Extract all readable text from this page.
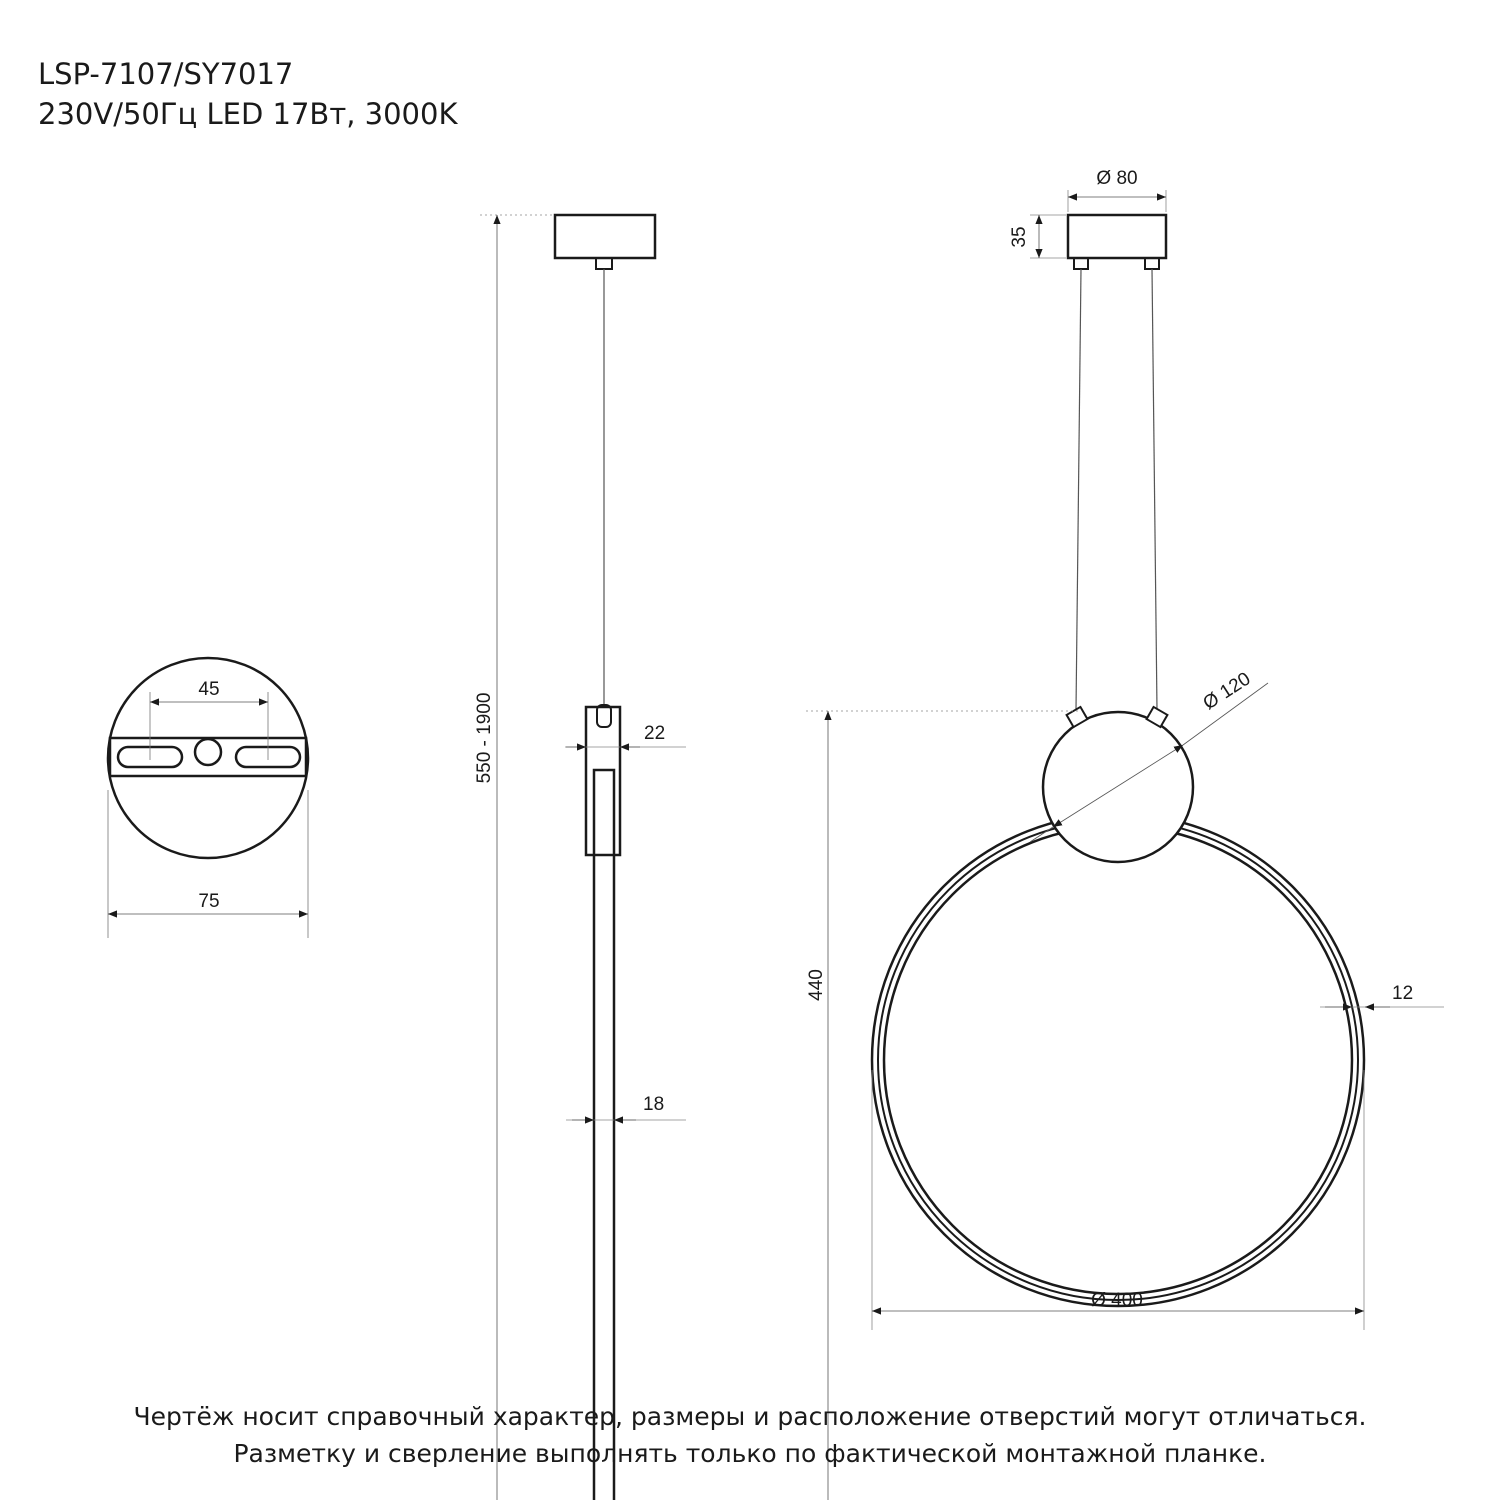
LSP-7107/SY7017
230V/50Гц LED 17Вт, 3000K
45
75
550 - 1900	22
18
Ø 80
35
Ø 120
440	12
Ø 400
Чертёж носит справочный характер, размеры и расположение отверстий могут отличаться.
Разметку и сверление выполнять только по фактической монтажной планке.
